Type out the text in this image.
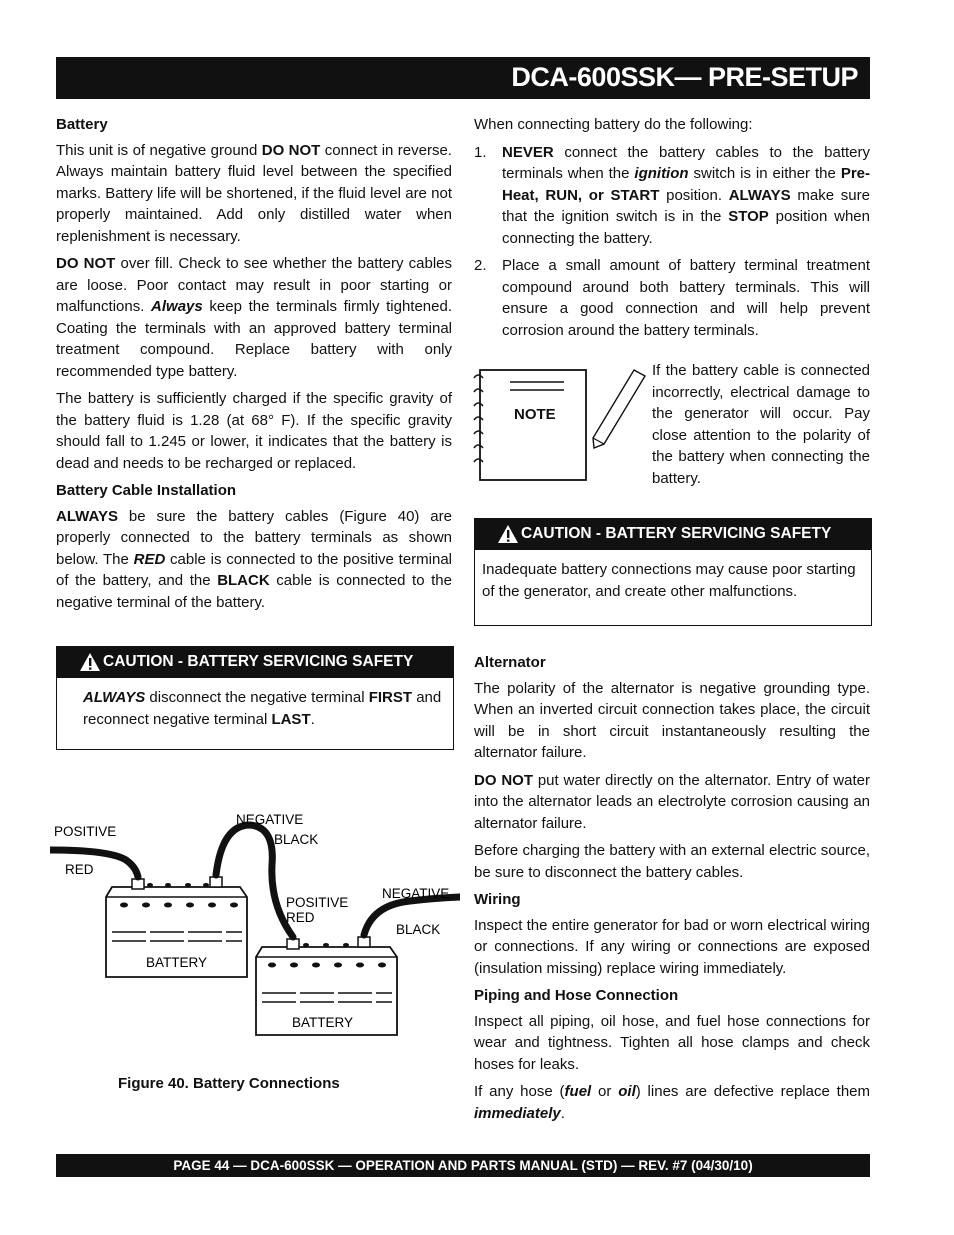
DCA-600SSK— PRE-SETUP
Battery

This unit is of negative ground DO NOT connect in reverse. Always maintain battery fluid level between the specified marks. Battery life will be shortened, if the fluid level are not properly maintained. Add only distilled water when replenishment is necessary.

DO NOT over fill. Check to see whether the battery cables are loose. Poor contact may result in poor starting or malfunctions. Always keep the terminals firmly tightened. Coating the terminals with an approved battery terminal treatment compound. Replace battery with only recommended type battery.

The battery is sufficiently charged if the specific gravity of the battery fluid is 1.28 (at 68° F). If the specific gravity should fall to 1.245 or lower, it indicates that the battery is dead and needs to be recharged or replaced.

Battery Cable Installation

ALWAYS be sure the battery cables (Figure 40) are properly connected to the battery terminals as shown below. The RED cable is connected to the positive terminal of the battery, and the BLACK cable is connected to the negative terminal of the battery.

CAUTION - BATTERY SERVICING SAFETY
ALWAYS disconnect the negative terminal FIRST and reconnect negative terminal LAST.
POSITIVE
RED
NEGATIVE
BLACK
POSITIVE
RED
NEGATIVE
BLACK
BATTERY
BATTERY
Figure 40. Battery Connections

When connecting battery do the following:

1. NEVER connect the battery cables to the battery terminals when the ignition switch is in either the Pre-Heat, RUN, or START position. ALWAYS make sure that the ignition switch is in the STOP position when connecting the battery.
2. Place a small amount of battery terminal treatment compound around both battery terminals. This will ensure a good connection and will help prevent corrosion around the battery terminals.
NOTE
If the battery cable is connected incorrectly, electrical damage to the generator will occur. Pay close attention to the polarity of the battery when connecting the battery.
CAUTION - BATTERY SERVICING SAFETY
Inadequate battery connections may cause poor starting of the generator, and create other malfunctions.
Alternator

The polarity of the alternator is negative grounding type. When an inverted circuit connection takes place, the circuit will be in short circuit instantaneously resulting the alternator failure.

DO NOT put water directly on the alternator. Entry of water into the alternator leads an electrolyte corrosion causing an alternator failure.

Before charging the battery with an external electric source, be sure to disconnect the battery cables.

Wiring

Inspect the entire generator for bad or worn electrical wiring or connections. If any wiring or connections are exposed (insulation missing) replace wiring immediately.

Piping and Hose Connection

Inspect all piping, oil hose, and fuel hose connections for wear and tightness. Tighten all hose clamps and check hoses for leaks.

If any hose (fuel or oil) lines are defective replace them immediately.

PAGE 44 — DCA-600SSK — OPERATION AND PARTS MANUAL (STD) — REV. #7 (04/30/10)
